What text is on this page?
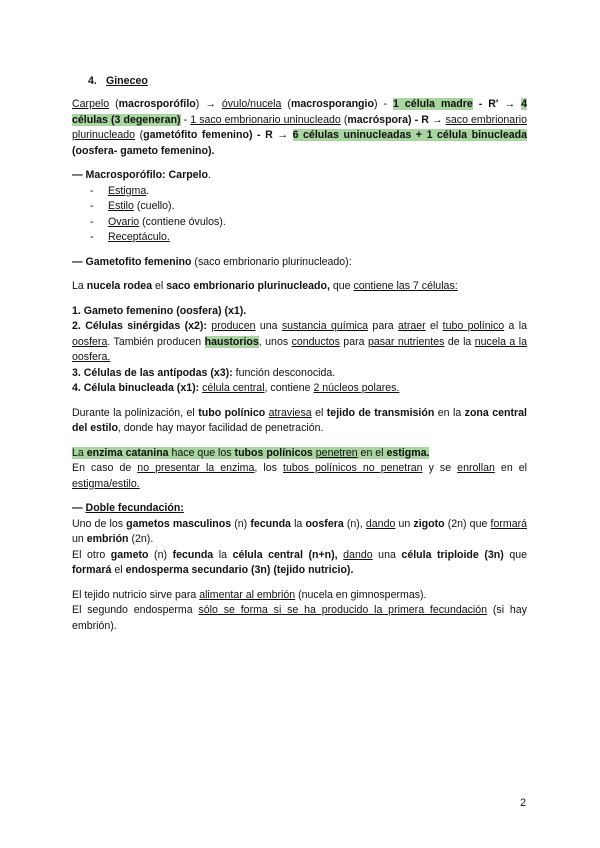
4. Gineceo

Carpelo (macrosporófilo) → óvulo/nucela (macrosporangio) - 1 célula madre - R' → 4 células (3 degeneran) - 1 saco embrionario uninucleado (macróspora) - R → saco embrionario plurinucleado (gametófito femenino) - R → 6 células uninucleadas + 1 célula binucleada (oosfera- gameto femenino).

— Macrosporófilo: Carpelo.

- Estigma.
- Estilo (cuello).
- Ovario (contiene óvulos).
- Receptáculo.

— Gametofito femenino (saco embrionario plurinucleado):

La nucela rodea el saco embrionario plurinucleado, que contiene las 7 células:

1. Gameto femenino (oosfera) (x1).

2. Células sinérgidas (x2): producen una sustancia química para atraer el tubo polínico a la oosfera. También producen haustorios, unos conductos para pasar nutrientes de la nucela a la oosfera.

3. Células de las antípodas (x3): función desconocida.

4. Célula binucleada (x1): célula central, contiene 2 núcleos polares.

Durante la polinización, el tubo polínico atraviesa el tejido de transmisión en la zona central del estilo, donde hay mayor facilidad de penetración.

La enzima catanina hace que los tubos polínicos penetren en el estigma.

En caso de no presentar la enzima, los tubos polínicos no penetran y se enrollan en el estigma/estilo.

— Doble fecundación:

Uno de los gametos masculinos (n) fecunda la oosfera (n), dando un zigoto (2n) que formará un embrión (2n).

El otro gameto (n) fecunda la célula central (n+n), dando una célula triploide (3n) que formará el endosperma secundario (3n) (tejido nutricio).

El tejido nutricio sirve para alimentar al embrión (nucela en gimnospermas).

El segundo endosperma sólo se forma si se ha producido la primera fecundación (si hay embrión).

2
